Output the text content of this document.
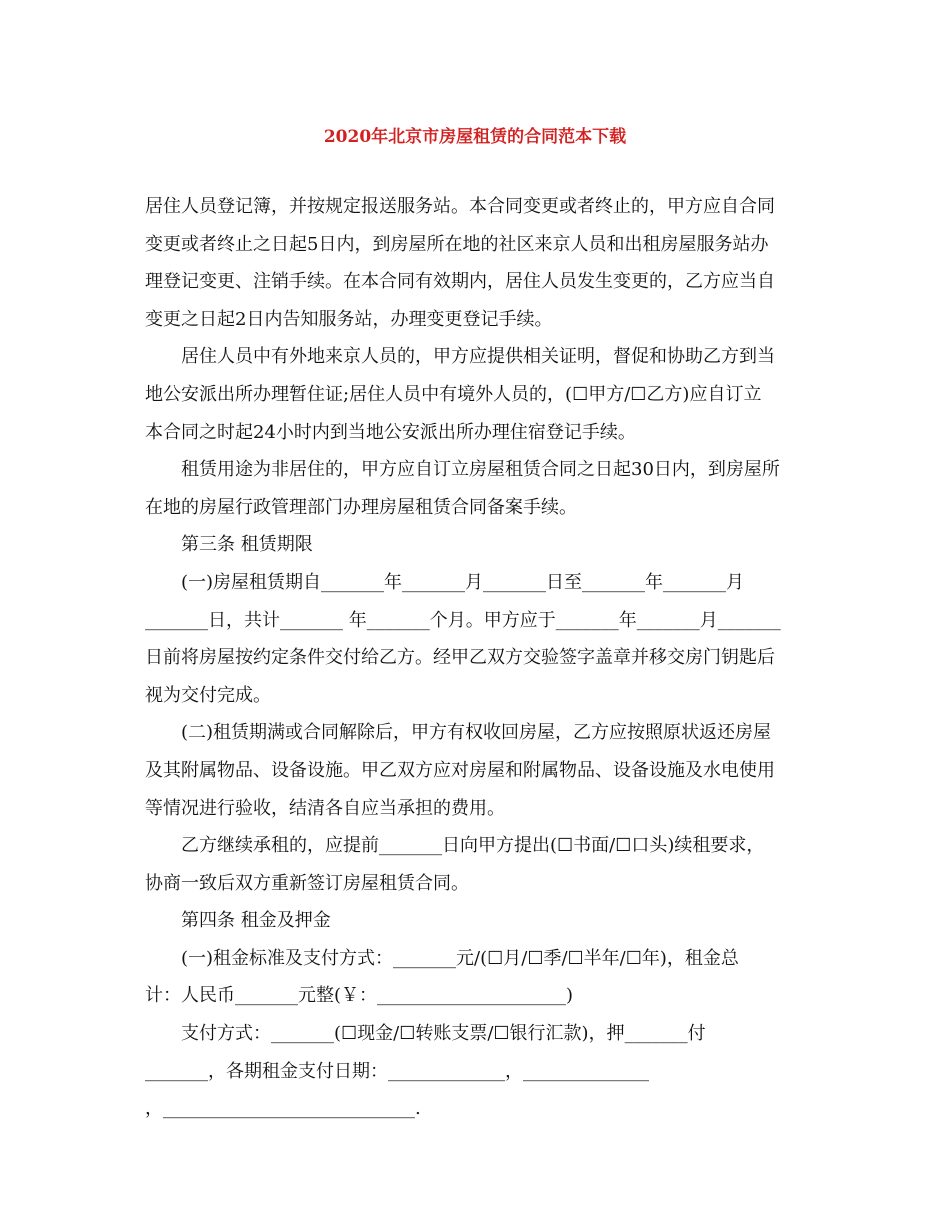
2020年北京市房屋租赁的合同范本下载

居住人员登记簿，并按规定报送服务站。本合同变更或者终止的，甲方应自合同
变更或者终止之日起5日内，到房屋所在地的社区来京人员和出租房屋服务站办
理登记变更、注销手续。在本合同有效期内，居住人员发生变更的，乙方应当自
变更之日起2日内告知服务站，办理变更登记手续。

居住人员中有外地来京人员的，甲方应提供相关证明，督促和协助乙方到当
地公安派出所办理暂住证;居住人员中有境外人员的，(☐甲方/☐乙方)应自订立
本合同之时起24小时内到当地公安派出所办理住宿登记手续。

租赁用途为非居住的，甲方应自订立房屋租赁合同之日起30日内，到房屋所
在地的房屋行政管理部门办理房屋租赁合同备案手续。

第三条 租赁期限

(一)房屋租赁期自_______年_______月_______日至_______年_______月
_______日，共计_______ 年_______个月。甲方应于_______年_______月_______
日前将房屋按约定条件交付给乙方。经甲乙双方交验签字盖章并移交房门钥匙后
视为交付完成。

(二)租赁期满或合同解除后，甲方有权收回房屋，乙方应按照原状返还房屋
及其附属物品、设备设施。甲乙双方应对房屋和附属物品、设备设施及水电使用
等情况进行验收，结清各自应当承担的费用。

乙方继续承租的，应提前_______日向甲方提出(☐书面/☐口头)续租要求，
协商一致后双方重新签订房屋租赁合同。

第四条 租金及押金

(一)租金标准及支付方式：_______元/(☐月/☐季/☐半年/☐年)，租金总
计：人民币_______元整(￥：_____________________)

支付方式：_______(☐现金/☐转账支票/☐银行汇款)，押_______付
_______，各期租金支付日期：_____________，______________
，____________________________.
